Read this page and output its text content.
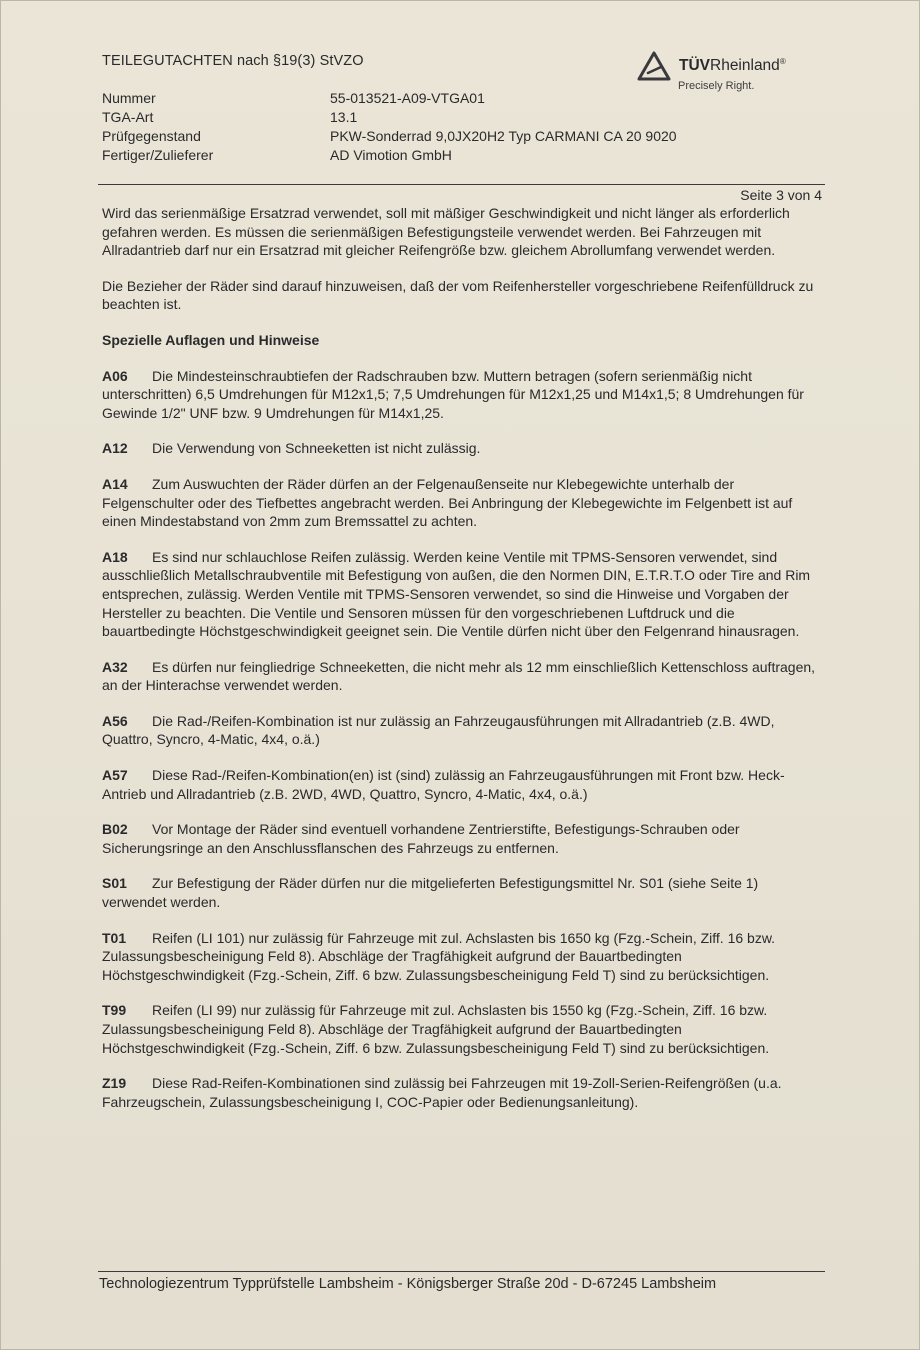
TEILEGUTACHTEN nach §19(3) StVZO	TÜVRheinland®
Precisely Right.
Nummer	55-013521-A09-VTGA01
TGA-Art	13.1
Prüfgegenstand	PKW-Sonderrad 9,0JX20H2 Typ CARMANI CA 20 9020
Fertiger/Zulieferer	AD Vimotion GmbH
Seite 3 von 4

Wird das serienmäßige Ersatzrad verwendet, soll mit mäßiger Geschwindigkeit und nicht länger als erforderlich gefahren werden. Es müssen die serienmäßigen Befestigungsteile verwendet werden. Bei Fahrzeugen mit Allradantrieb darf nur ein Ersatzrad mit gleicher Reifengröße bzw. gleichem Abrollumfang verwendet werden.

Die Bezieher der Räder sind darauf hinzuweisen, daß der vom Reifenhersteller vorgeschriebene Reifenfülldruck zu beachten ist.

Spezielle Auflagen und Hinweise

A06 Die Mindesteinschraubtiefen der Radschrauben bzw. Muttern betragen (sofern serienmäßig nicht unterschritten) 6,5 Umdrehungen für M12x1,5; 7,5 Umdrehungen für M12x1,25 und M14x1,5; 8 Umdrehungen für Gewinde 1/2" UNF bzw. 9 Umdrehungen für M14x1,25.

A12 Die Verwendung von Schneeketten ist nicht zulässig.

A14 Zum Auswuchten der Räder dürfen an der Felgenaußenseite nur Klebegewichte unterhalb der Felgenschulter oder des Tiefbettes angebracht werden. Bei Anbringung der Klebegewichte im Felgenbett ist auf einen Mindestabstand von 2mm zum Bremssattel zu achten.

A18 Es sind nur schlauchlose Reifen zulässig. Werden keine Ventile mit TPMS-Sensoren verwendet, sind ausschließlich Metallschraubventile mit Befestigung von außen, die den Normen DIN, E.T.R.T.O oder Tire and Rim entsprechen, zulässig. Werden Ventile mit TPMS-Sensoren verwendet, so sind die Hinweise und Vorgaben der Hersteller zu beachten. Die Ventile und Sensoren müssen für den vorgeschriebenen Luftdruck und die bauartbedingte Höchstgeschwindigkeit geeignet sein. Die Ventile dürfen nicht über den Felgenrand hinausragen.

A32 Es dürfen nur feingliedrige Schneeketten, die nicht mehr als 12 mm einschließlich Kettenschloss auftragen, an der Hinterachse verwendet werden.

A56 Die Rad-/Reifen-Kombination ist nur zulässig an Fahrzeugausführungen mit Allradantrieb (z.B. 4WD, Quattro, Syncro, 4-Matic, 4x4, o.ä.)

A57 Diese Rad-/Reifen-Kombination(en) ist (sind) zulässig an Fahrzeugausführungen mit Front bzw. Heck-Antrieb und Allradantrieb (z.B. 2WD, 4WD, Quattro, Syncro, 4-Matic, 4x4, o.ä.)

B02 Vor Montage der Räder sind eventuell vorhandene Zentrierstifte, Befestigungs-Schrauben oder Sicherungsringe an den Anschlussflanschen des Fahrzeugs zu entfernen.

S01 Zur Befestigung der Räder dürfen nur die mitgelieferten Befestigungsmittel Nr. S01 (siehe Seite 1) verwendet werden.

T01 Reifen (LI 101) nur zulässig für Fahrzeuge mit zul. Achslasten bis 1650 kg (Fzg.-Schein, Ziff. 16 bzw. Zulassungsbescheinigung Feld 8). Abschläge der Tragfähigkeit aufgrund der Bauartbedingten Höchstgeschwindigkeit (Fzg.-Schein, Ziff. 6 bzw. Zulassungsbescheinigung Feld T) sind zu berücksichtigen.

T99 Reifen (LI 99) nur zulässig für Fahrzeuge mit zul. Achslasten bis 1550 kg (Fzg.-Schein, Ziff. 16 bzw. Zulassungsbescheinigung Feld 8). Abschläge der Tragfähigkeit aufgrund der Bauartbedingten Höchstgeschwindigkeit (Fzg.-Schein, Ziff. 6 bzw. Zulassungsbescheinigung Feld T) sind zu berücksichtigen.

Z19 Diese Rad-Reifen-Kombinationen sind zulässig bei Fahrzeugen mit 19-Zoll-Serien-Reifengrößen (u.a. Fahrzeugschein, Zulassungsbescheinigung I, COC-Papier oder Bedienungsanleitung).

Technologiezentrum Typprüfstelle Lambsheim - Königsberger Straße 20d - D-67245 Lambsheim
